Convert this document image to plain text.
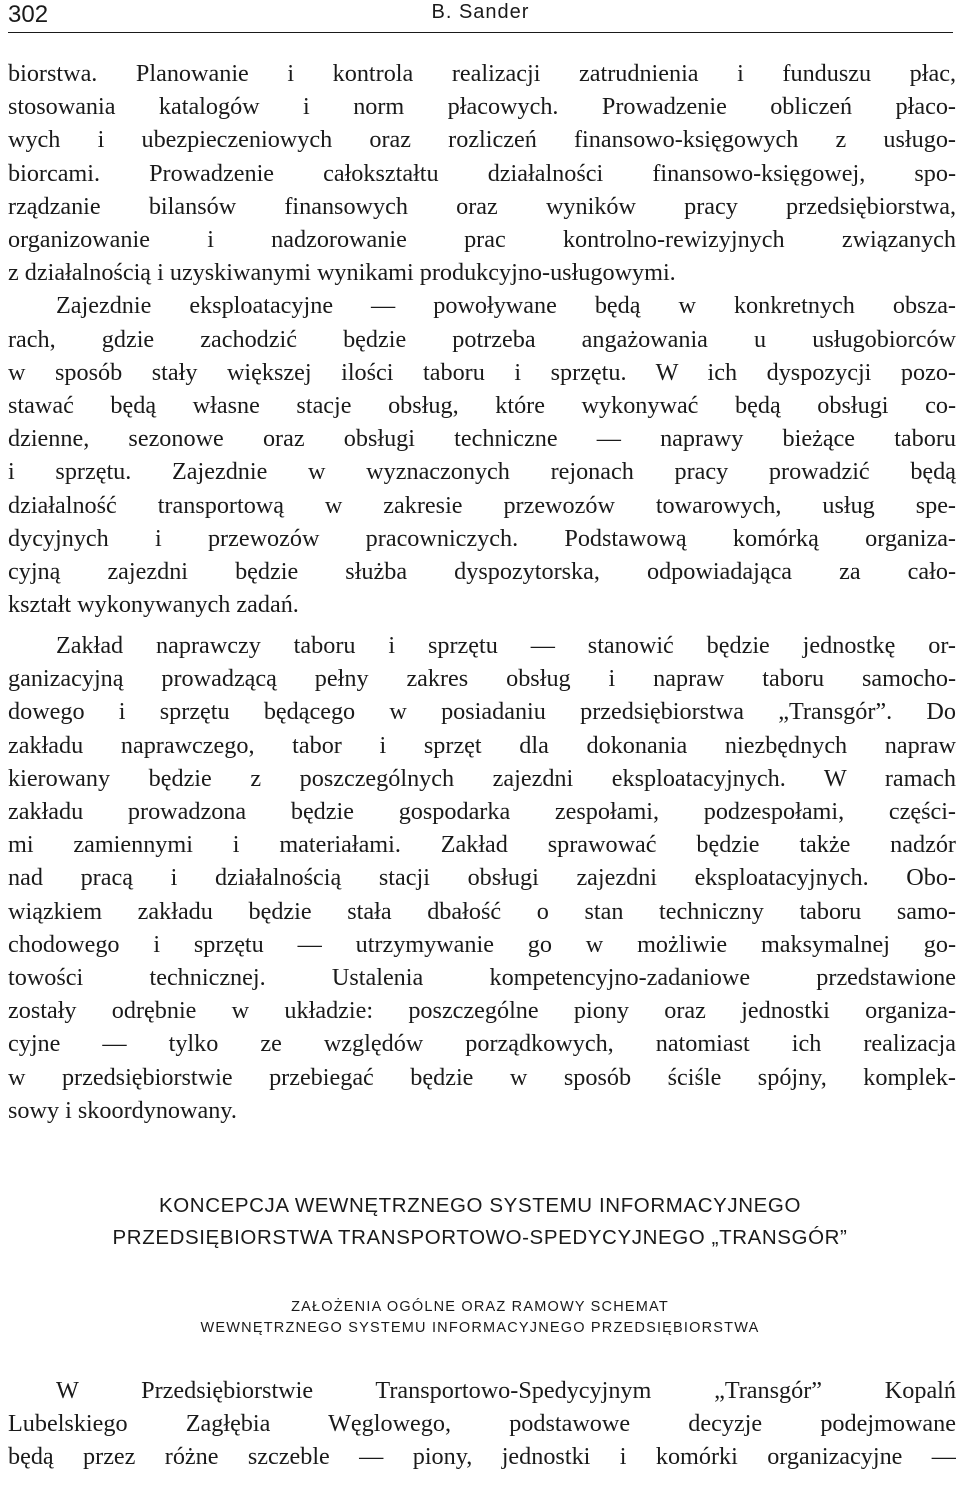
302	B. Sander
biorstwa. Planowanie i kontrola realizacji zatrudnienia i funduszu płac,
stosowania katalogów i norm płacowych. Prowadzenie obliczeń płaco-
wych i ubezpieczeniowych oraz rozliczeń finansowo-księgowych z usługo-
biorcami. Prowadzenie całokształtu działalności finansowo-księgowej, spo-
rządzanie bilansów finansowych oraz wyników pracy przedsiębiorstwa,
organizowanie i nadzorowanie prac kontrolno-rewizyjnych związanych
z działalnością i uzyskiwanymi wynikami produkcyjno-usługowymi.
Zajezdnie eksploatacyjne — powoływane będą w konkretnych obsza-
rach, gdzie zachodzić będzie potrzeba angażowania u usługobiorców
w sposób stały większej ilości taboru i sprzętu. W ich dyspozycji pozo-
stawać będą własne stacje obsług, które wykonywać będą obsługi co-
dzienne, sezonowe oraz obsługi techniczne — naprawy bieżące taboru
i sprzętu. Zajezdnie w wyznaczonych rejonach pracy prowadzić będą
działalność transportową w zakresie przewozów towarowych, usług spe-
dycyjnych i przewozów pracowniczych. Podstawową komórką organiza-
cyjną zajezdni będzie służba dyspozytorska, odpowiadająca za cało-
kształt wykonywanych zadań.
Zakład naprawczy taboru i sprzętu — stanowić będzie jednostkę or-
ganizacyjną prowadzącą pełny zakres obsług i napraw taboru samocho-
dowego i sprzętu będącego w posiadaniu przedsiębiorstwa „Transgór”. Do
zakładu naprawczego, tabor i sprzęt dla dokonania niezbędnych napraw
kierowany będzie z poszczególnych zajezdni eksploatacyjnych. W ramach
zakładu prowadzona będzie gospodarka zespołami, podzespołami, części-
mi zamiennymi i materiałami. Zakład sprawować będzie także nadzór
nad pracą i działalnością stacji obsługi zajezdni eksploatacyjnych. Obo-
wiązkiem zakładu będzie stała dbałość o stan techniczny taboru samo-
chodowego i sprzętu — utrzymywanie go w możliwie maksymalnej go-
towości technicznej. Ustalenia kompetencyjno-zadaniowe przedstawione
zostały odrębnie w układzie: poszczególne piony oraz jednostki organiza-
cyjne — tylko ze względów porządkowych, natomiast ich realizacja
w przedsiębiorstwie przebiegać będzie w sposób ściśle spójny, komplek-
sowy i skoordynowany.
KONCEPCJA WEWNĘTRZNEGO SYSTEMU INFORMACYJNEGO
PRZEDSIĘBIORSTWA TRANSPORTOWO-SPEDYCYJNEGO „TRANSGÓR”
ZAŁOŻENIA OGÓLNE ORAZ RAMOWY SCHEMAT
WEWNĘTRZNEGO SYSTEMU INFORMACYJNEGO PRZEDSIĘBIORSTWA
W Przedsiębiorstwie Transportowo-Spedycyjnym „Transgór” Kopalń
Lubelskiego Zagłębia Węglowego, podstawowe decyzje podejmowane
będą przez różne szczeble — piony, jednostki i komórki organizacyjne —
